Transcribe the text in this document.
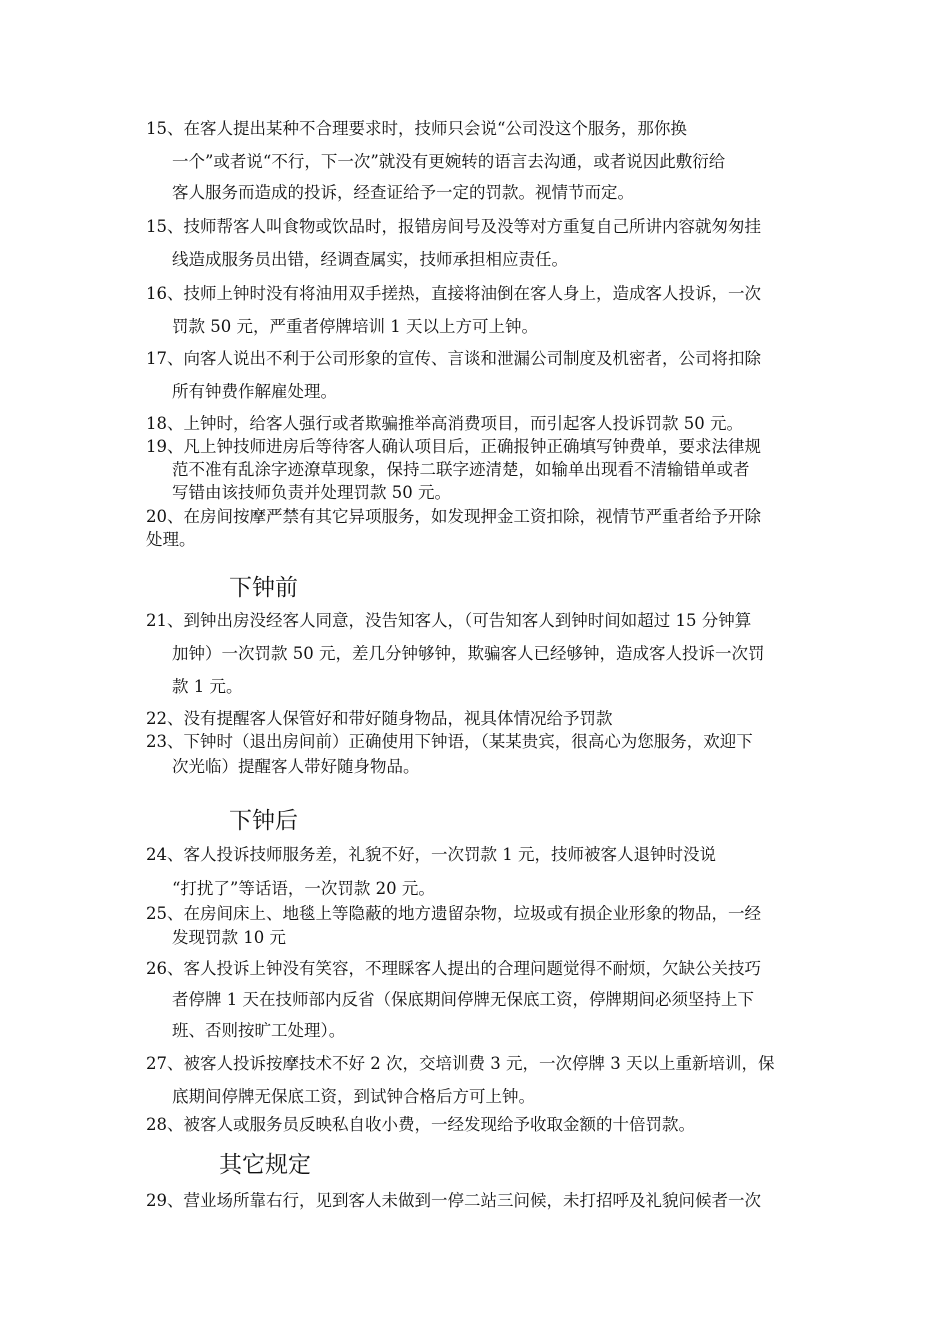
15、在客人提出某种不合理要求时，技师只会说“公司没这个服务，那你换
一个”或者说“不行，下一次”就没有更婉转的语言去沟通，或者说因此敷衍给
客人服务而造成的投诉，经查证给予一定的罚款。视情节而定。
15、技师帮客人叫食物或饮品时，报错房间号及没等对方重复自己所讲内容就匆匆挂
线造成服务员出错，经调查属实，技师承担相应责任。
16、技师上钟时没有将油用双手搓热，直接将油倒在客人身上，造成客人投诉，一次
罚款 50 元，严重者停牌培训 1 天以上方可上钟。
17、向客人说出不利于公司形象的宣传、言谈和泄漏公司制度及机密者，公司将扣除
所有钟费作解雇处理。
18、上钟时，给客人强行或者欺骗推举高消费项目，而引起客人投诉罚款 50 元。
19、凡上钟技师进房后等待客人确认项目后，正确报钟正确填写钟费单，要求法律规
范不准有乱涂字迹潦草现象，保持二联字迹清楚，如输单出现看不清输错单或者
写错由该技师负责并处理罚款 50 元。
20、在房间按摩严禁有其它异项服务，如发现押金工资扣除，视情节严重者给予开除
处理。
下钟前
21、到钟出房没经客人同意，没告知客人，（可告知客人到钟时间如超过 15 分钟算
加钟）一次罚款 50 元，差几分钟够钟，欺骗客人已经够钟，造成客人投诉一次罚
款 1 元。
22、没有提醒客人保管好和带好随身物品，视具体情况给予罚款
23、下钟时（退出房间前）正确使用下钟语，（某某贵宾，很高心为您服务，欢迎下
次光临）提醒客人带好随身物品。
下钟后
24、客人投诉技师服务差，礼貌不好，一次罚款 1 元，技师被客人退钟时没说
“打扰了”等话语，一次罚款 20 元。
25、在房间床上、地毯上等隐蔽的地方遗留杂物，垃圾或有损企业形象的物品，一经
发现罚款 10 元
26、客人投诉上钟没有笑容，不理睬客人提出的合理问题觉得不耐烦，欠缺公关技巧
者停牌 1 天在技师部内反省（保底期间停牌无保底工资，停牌期间必须坚持上下
班、否则按旷工处理）。
27、被客人投诉按摩技术不好 2 次，交培训费 3 元，一次停牌 3 天以上重新培训，保
底期间停牌无保底工资，到试钟合格后方可上钟。
28、被客人或服务员反映私自收小费，一经发现给予收取金额的十倍罚款。
其它规定
29、营业场所靠右行，见到客人未做到一停二站三问候，未打招呼及礼貌问候者一次
